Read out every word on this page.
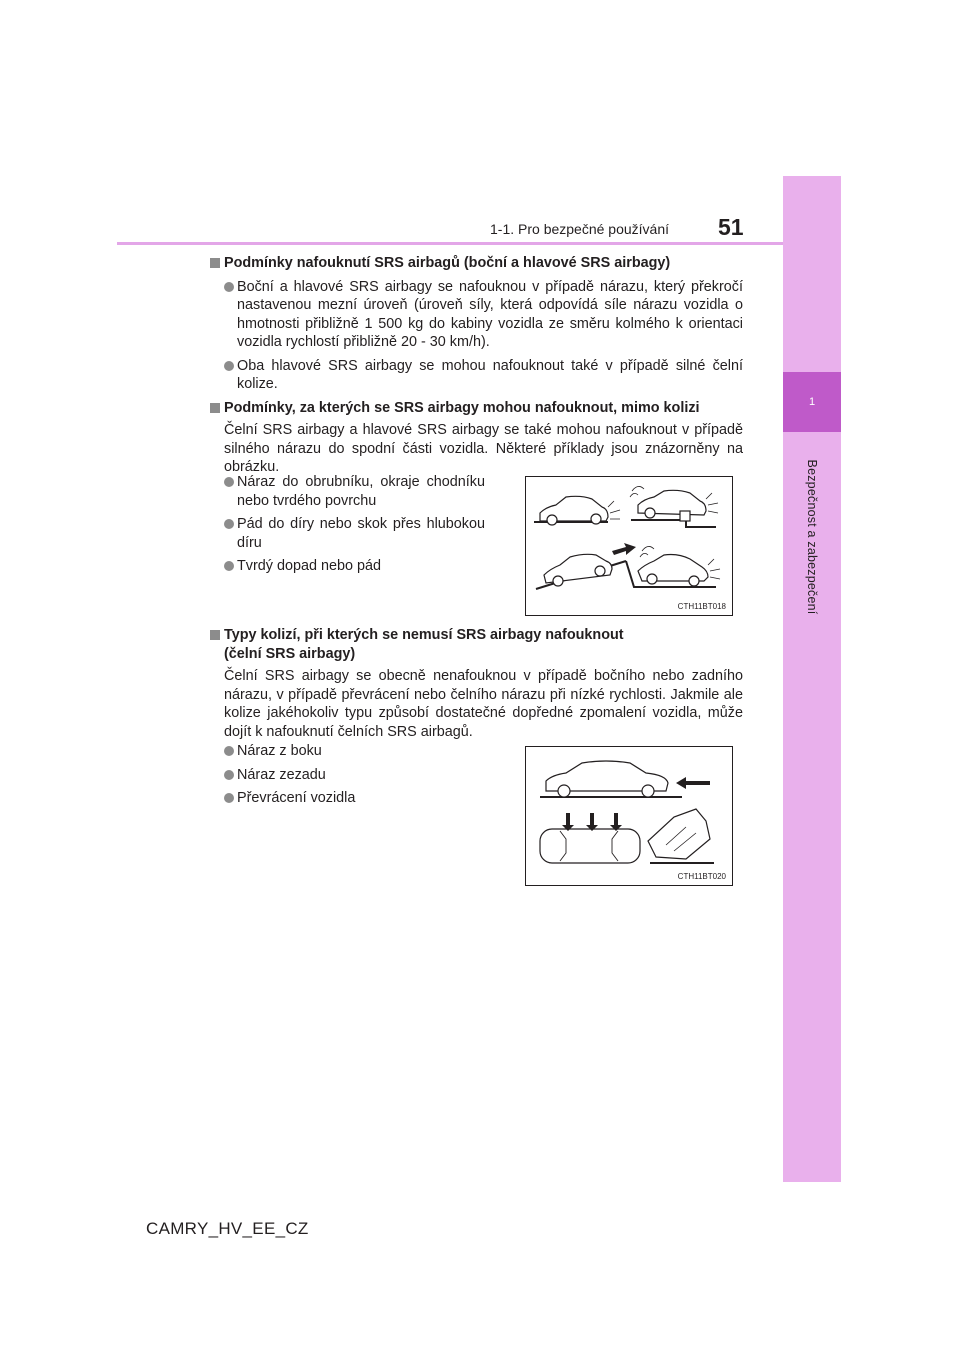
1
Bezpečnost a zabezpečení
1-1. Pro bezpečné používání 51
Podmínky nafouknutí SRS airbagů (boční a hlavové SRS airbagy)
Boční a hlavové SRS airbagy se nafouknou v případě nárazu, který překročí nastavenou mezní úroveň (úroveň síly, která odpovídá síle nárazu vozidla o hmotnosti přibližně 1 500 kg do kabiny vozidla ze směru kolmého k orientaci vozidla rychlostí přibližně 20 - 30 km/h).
Oba hlavové SRS airbagy se mohou nafouknout také v případě silné čelní kolize.
Podmínky, za kterých se SRS airbagy mohou nafouknout, mimo kolizi
Čelní SRS airbagy a hlavové SRS airbagy se také mohou nafouknout v případě silného nárazu do spodní části vozidla. Některé příklady jsou znázorněny na obrázku.
Náraz do obrubníku, okraje chodníku nebo tvrdého povrchu
Pád do díry nebo skok přes hlubokou díru
Tvrdý dopad nebo pád
CTH11BT018
Typy kolizí, při kterých se nemusí SRS airbagy nafouknout
(čelní SRS airbagy)
Čelní SRS airbagy se obecně nenafouknou v případě bočního nebo zadního nárazu, v případě převrácení nebo čelního nárazu při nízké rychlosti. Jakmile ale kolize jakéhokoliv typu způsobí dostatečné dopředné zpomalení vozidla, může dojít k nafouknutí čelních SRS airbagů.
Náraz z boku
Náraz zezadu
Převrácení vozidla
CTH11BT020
CAMRY_HV_EE_CZ
